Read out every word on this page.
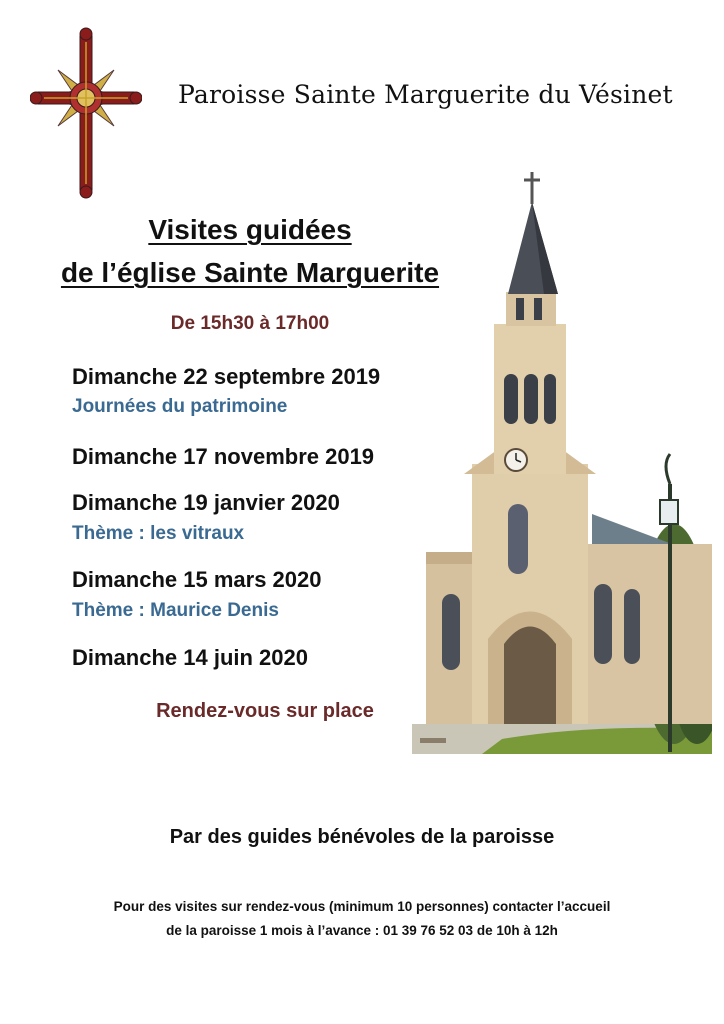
Paroisse Sainte Marguerite du Vésinet
Visites guidées
de l’église Sainte Marguerite
De 15h30 à 17h00
Dimanche 22 septembre 2019
Journées du patrimoine
Dimanche 17 novembre 2019
Dimanche 19 janvier 2020
Thème : les vitraux
Dimanche 15 mars 2020
Thème : Maurice Denis
Dimanche 14 juin 2020
Rendez-vous sur place
Par des guides bénévoles de la paroisse
Pour des visites sur rendez-vous (minimum 10 personnes) contacter l’accueil
de la paroisse 1 mois à l’avance : 01 39 76 52 03 de 10h à 12h
